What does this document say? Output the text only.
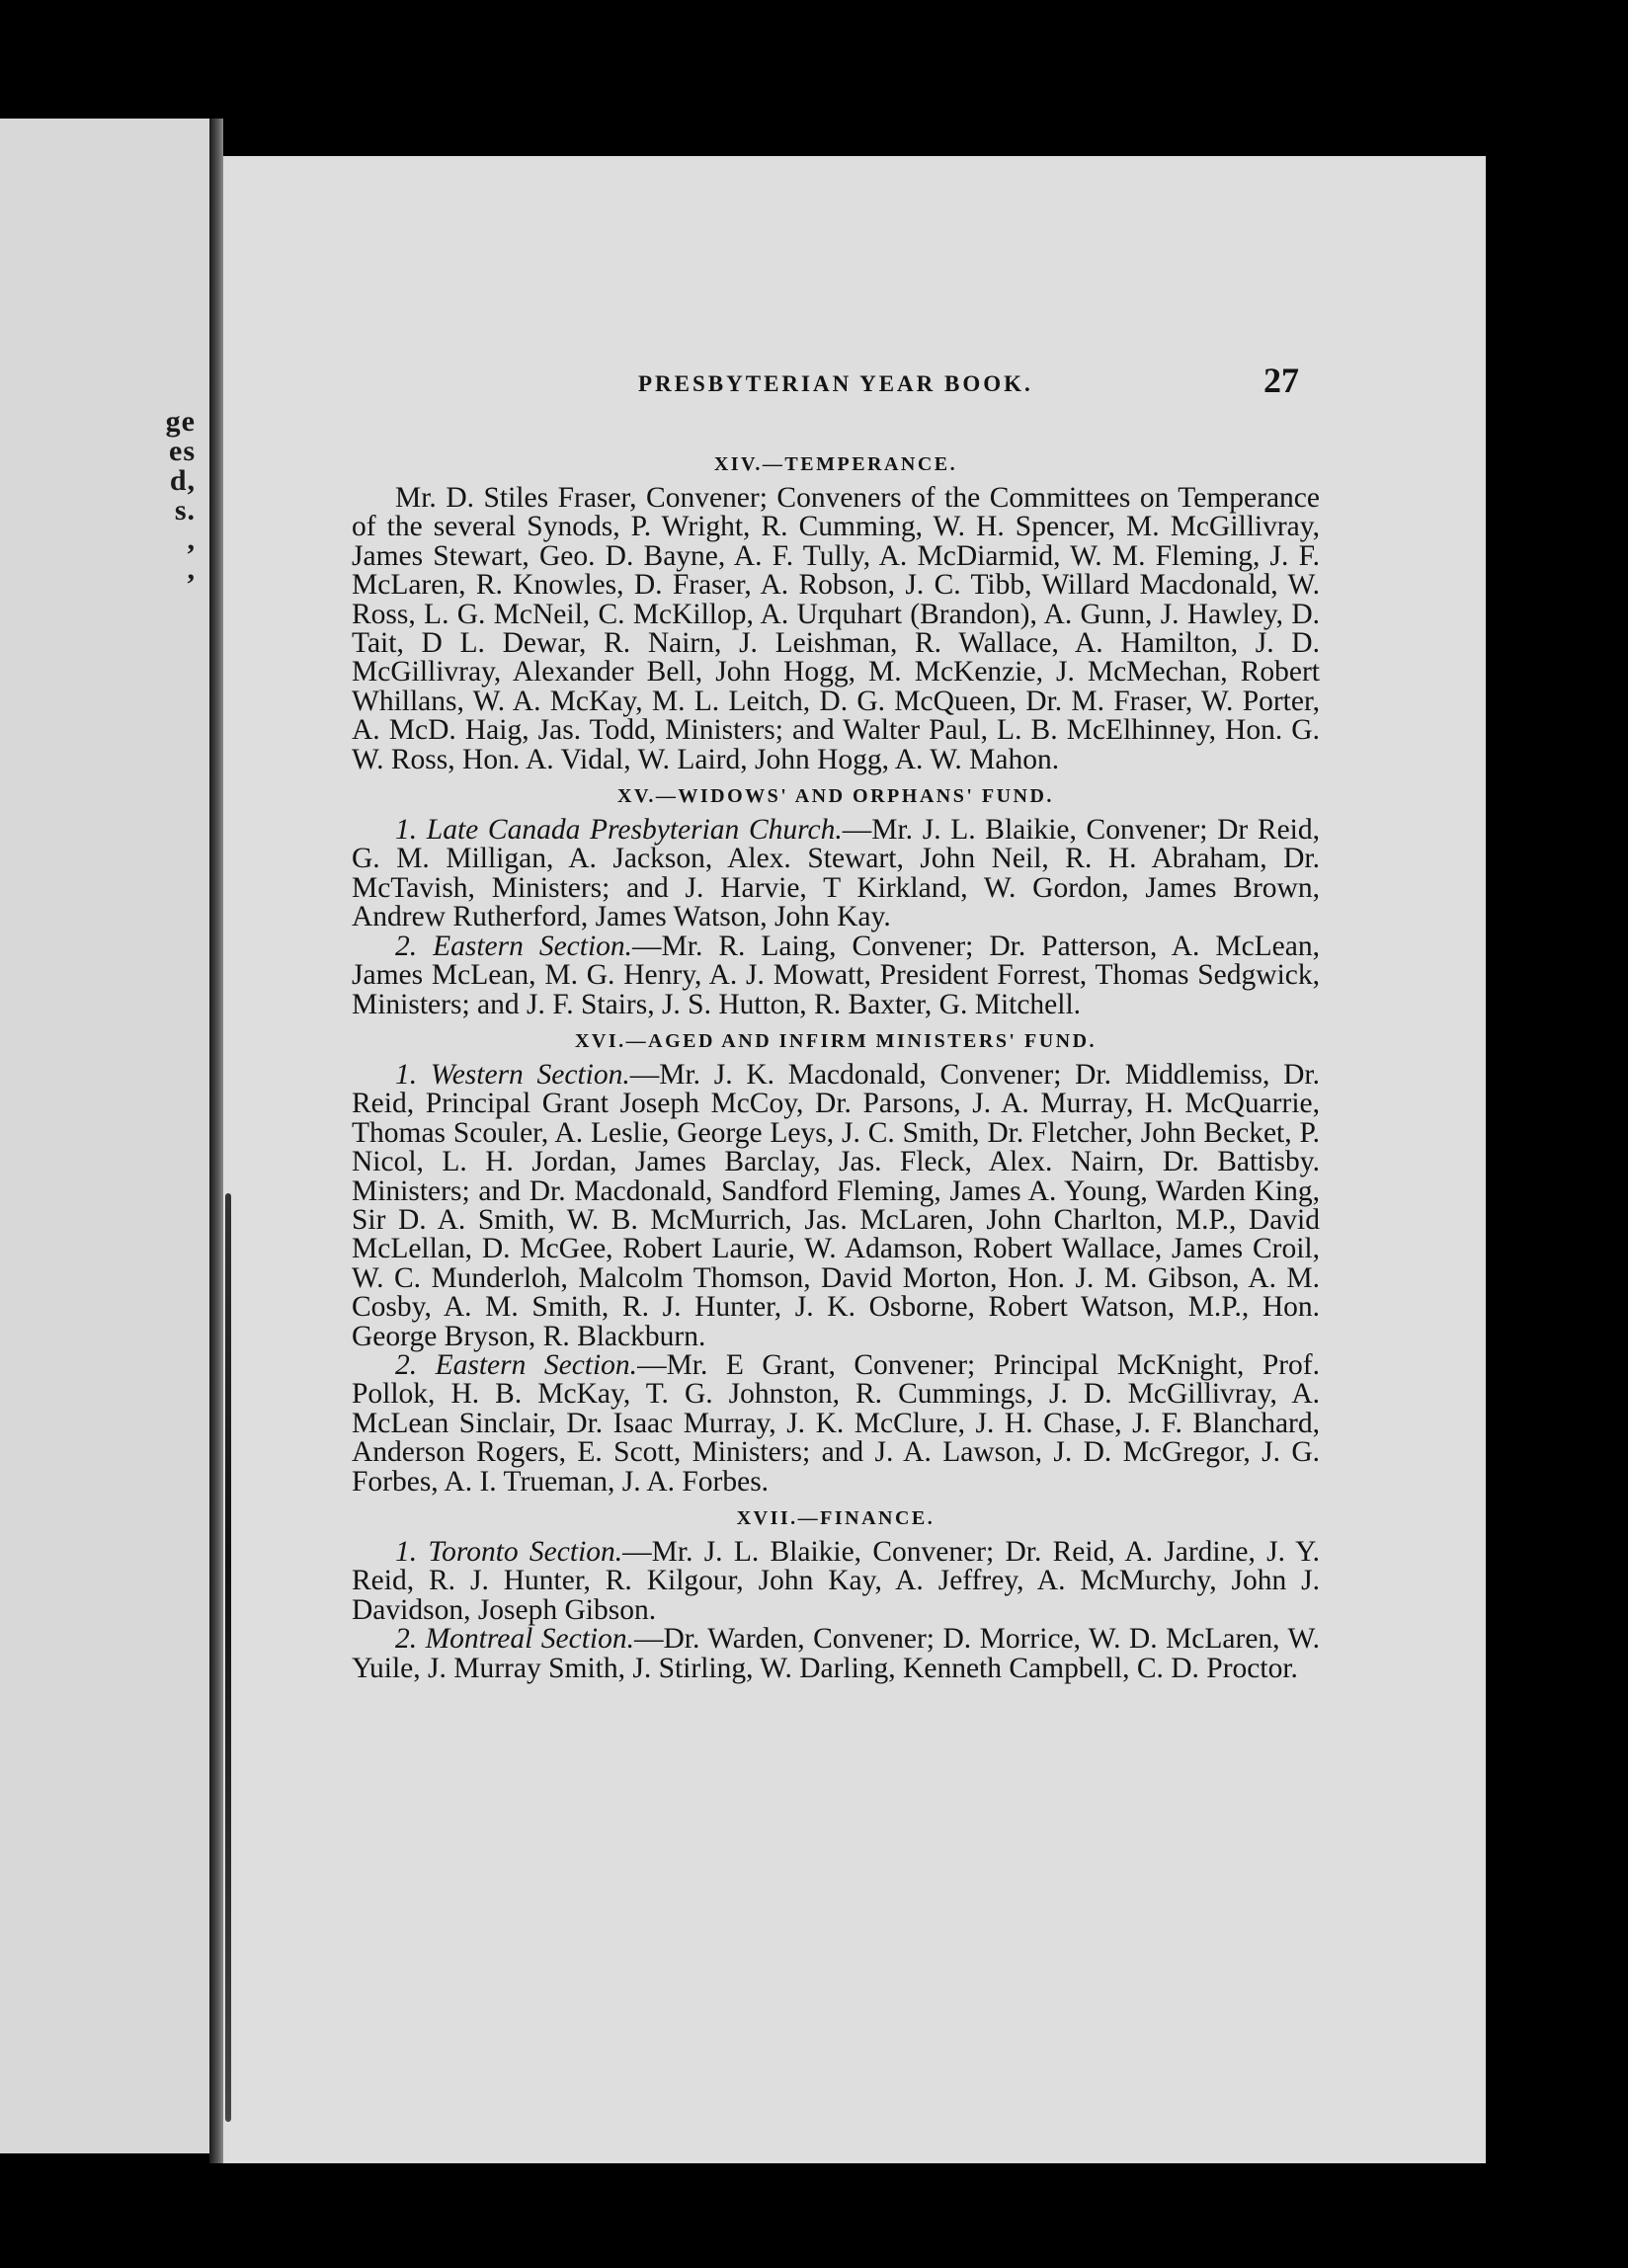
ge
es
d,
s.
,
,
PRESBYTERIAN YEAR BOOK.	27
XIV.—TEMPERANCE.

Mr. D. Stiles Fraser, Convener; Conveners of the Committees on Temperance of the several Synods, P. Wright, R. Cumming, W. H. Spencer, M. McGillivray, James Stewart, Geo. D. Bayne, A. F. Tully, A. McDiarmid, W. M. Fleming, J. F. McLaren, R. Knowles, D. Fraser, A. Robson, J. C. Tibb, Willard Macdonald, W. Ross, L. G. McNeil, C. McKillop, A. Urquhart (Brandon), A. Gunn, J. Hawley, D. Tait, D L. Dewar, R. Nairn, J. Leishman, R. Wallace, A. Hamilton, J. D. McGillivray, Alexander Bell, John Hogg, M. McKenzie, J. McMechan, Robert Whillans, W. A. McKay, M. L. Leitch, D. G. McQueen, Dr. M. Fraser, W. Porter, A. McD. Haig, Jas. Todd, Ministers; and Walter Paul, L. B. McElhinney, Hon. G. W. Ross, Hon. A. Vidal, W. Laird, John Hogg, A. W. Mahon.

XV.—WIDOWS' AND ORPHANS' FUND.

1. Late Canada Presbyterian Church.—Mr. J. L. Blaikie, Convener; Dr Reid, G. M. Milligan, A. Jackson, Alex. Stewart, John Neil, R. H. Abraham, Dr. McTavish, Ministers; and J. Harvie, T Kirkland, W. Gordon, James Brown, Andrew Rutherford, James Watson, John Kay.

2. Eastern Section.—Mr. R. Laing, Convener; Dr. Patterson, A. McLean, James McLean, M. G. Henry, A. J. Mowatt, President Forrest, Thomas Sedgwick, Ministers; and J. F. Stairs, J. S. Hutton, R. Baxter, G. Mitchell.

XVI.—AGED AND INFIRM MINISTERS' FUND.

1. Western Section.—Mr. J. K. Macdonald, Convener; Dr. Middlemiss, Dr. Reid, Principal Grant Joseph McCoy, Dr. Parsons, J. A. Murray, H. McQuarrie, Thomas Scouler, A. Leslie, George Leys, J. C. Smith, Dr. Fletcher, John Becket, P. Nicol, L. H. Jordan, James Barclay, Jas. Fleck, Alex. Nairn, Dr. Battisby. Ministers; and Dr. Macdonald, Sandford Fleming, James A. Young, Warden King, Sir D. A. Smith, W. B. McMurrich, Jas. McLaren, John Charlton, M.P., David McLellan, D. McGee, Robert Laurie, W. Adamson, Robert Wallace, James Croil, W. C. Munderloh, Malcolm Thomson, David Morton, Hon. J. M. Gibson, A. M. Cosby, A. M. Smith, R. J. Hunter, J. K. Osborne, Robert Watson, M.P., Hon. George Bryson, R. Blackburn.

2. Eastern Section.—Mr. E Grant, Convener; Principal McKnight, Prof. Pollok, H. B. McKay, T. G. Johnston, R. Cummings, J. D. McGillivray, A. McLean Sinclair, Dr. Isaac Murray, J. K. McClure, J. H. Chase, J. F. Blanchard, Anderson Rogers, E. Scott, Ministers; and J. A. Lawson, J. D. McGregor, J. G. Forbes, A. I. Trueman, J. A. Forbes.

XVII.—FINANCE.

1. Toronto Section.—Mr. J. L. Blaikie, Convener; Dr. Reid, A. Jardine, J. Y. Reid, R. J. Hunter, R. Kilgour, John Kay, A. Jeffrey, A. McMurchy, John J. Davidson, Joseph Gibson.

2. Montreal Section.—Dr. Warden, Convener; D. Morrice, W. D. McLaren, W. Yuile, J. Murray Smith, J. Stirling, W. Darling, Kenneth Campbell, C. D. Proctor.
